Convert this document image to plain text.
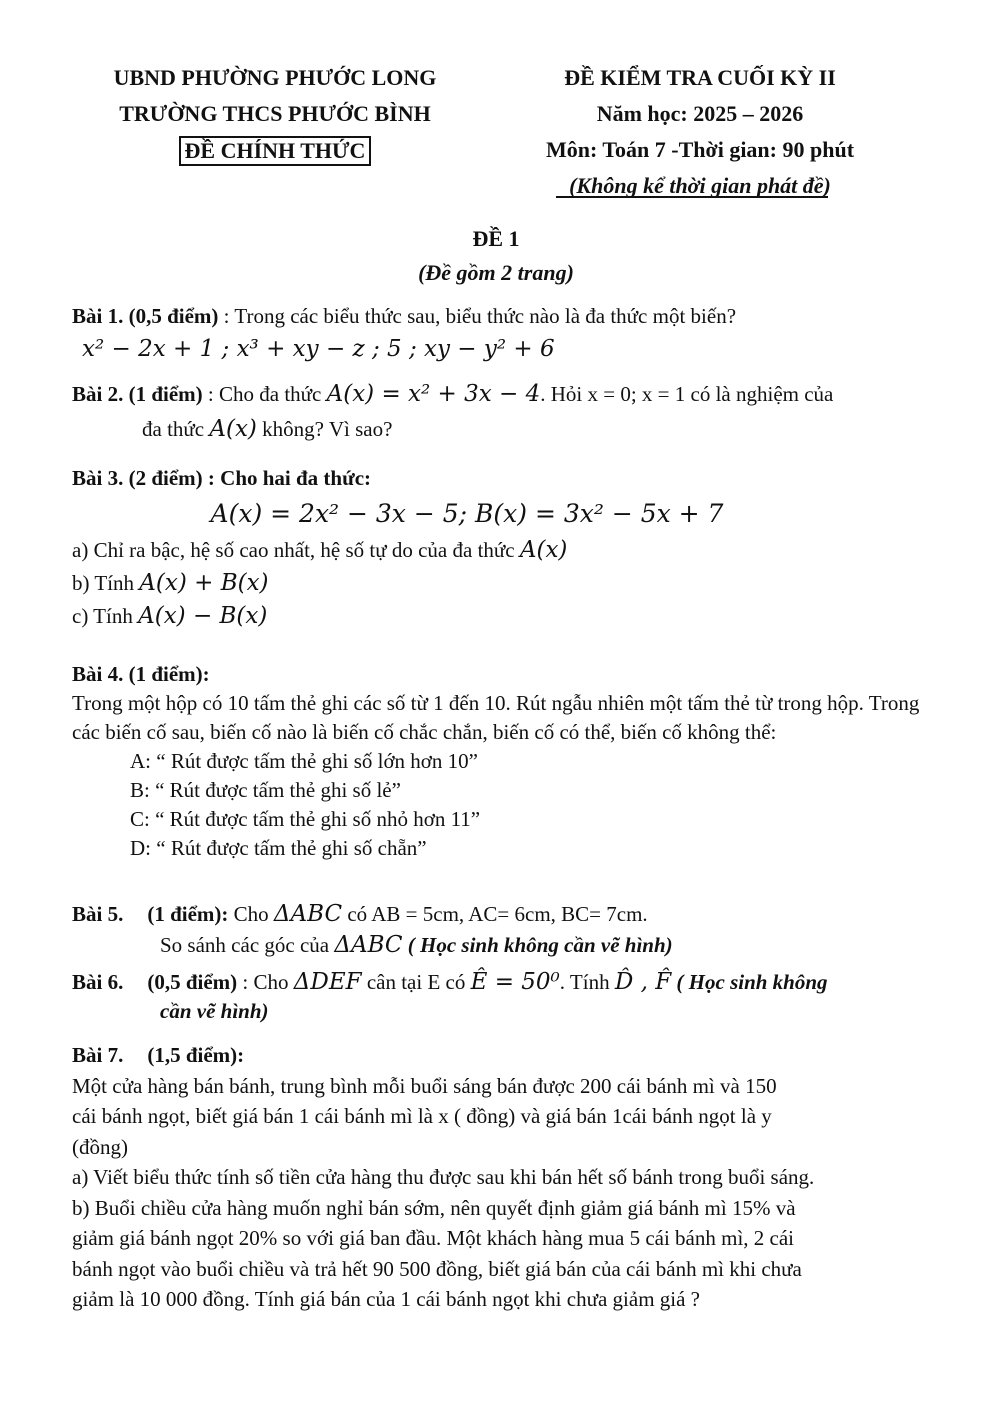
UBND PHƯỜNG PHƯỚC LONG
TRƯỜNG THCS PHƯỚC BÌNH
ĐỀ CHÍNH THỨC
ĐỀ KIỂM TRA CUỐI KỲ II
Năm học: 2025 – 2026
Môn: Toán 7 -Thời gian: 90 phút
(Không kể thời gian phát đề)
ĐỀ 1
(Đề gồm 2 trang)
Bài 1. (0,5 điểm) : Trong các biểu thức sau, biểu thức nào là đa thức một biến?
x² − 2x + 1 ; x³ + xy − z ; 5 ; xy − y² + 6
Bài 2. (1 điểm) : Cho đa thức A(x) = x² + 3x − 4. Hỏi x = 0; x = 1 có là nghiệm của
đa thức A(x) không? Vì sao?
Bài 3. (2 điểm) : Cho hai đa thức:
A(x) = 2x² − 3x − 5; B(x) = 3x² − 5x + 7
a) Chỉ ra bậc, hệ số cao nhất, hệ số tự do của đa thức A(x)
b) Tính A(x) + B(x)
c) Tính A(x) − B(x)
Bài 4. (1 điểm):
Trong một hộp có 10 tấm thẻ ghi các số từ 1 đến 10. Rút ngẫu nhiên một tấm thẻ từ trong hộp. Trong các biến cố sau, biến cố nào là biến cố chắc chắn, biến cố có thể, biến cố không thể:
A: “ Rút được tấm thẻ ghi số lớn hơn 10”
B: “ Rút được tấm thẻ ghi số lẻ”
C: “ Rút được tấm thẻ ghi số nhỏ hơn 11”
D: “ Rút được tấm thẻ ghi số chẵn”
Bài 5. (1 điểm): Cho ΔABC có AB = 5cm, AC= 6cm, BC= 7cm.
So sánh các góc của ΔABC ( Học sinh không cần vẽ hình)
Bài 6. (0,5 điểm) : Cho ΔDEF cân tại E có Ê = 50⁰. Tính D̂ , F̂ ( Học sinh không
cần vẽ hình)
Bài 7. (1,5 điểm):
Một cửa hàng bán bánh, trung bình mỗi buổi sáng bán được 200 cái bánh mì và 150
cái bánh ngọt, biết giá bán 1 cái bánh mì là x ( đồng) và giá bán 1cái bánh ngọt là y
(đồng)
a) Viết biểu thức tính số tiền cửa hàng thu được sau khi bán hết số bánh trong buổi sáng.
b) Buổi chiều cửa hàng muốn nghỉ bán sớm, nên quyết định giảm giá bánh mì 15% và
giảm giá bánh ngọt 20% so với giá ban đầu. Một khách hàng mua 5 cái bánh mì, 2 cái
bánh ngọt vào buổi chiều và trả hết 90 500 đồng, biết giá bán của cái bánh mì khi chưa
giảm là 10 000 đồng. Tính giá bán của 1 cái bánh ngọt khi chưa giảm giá ?
